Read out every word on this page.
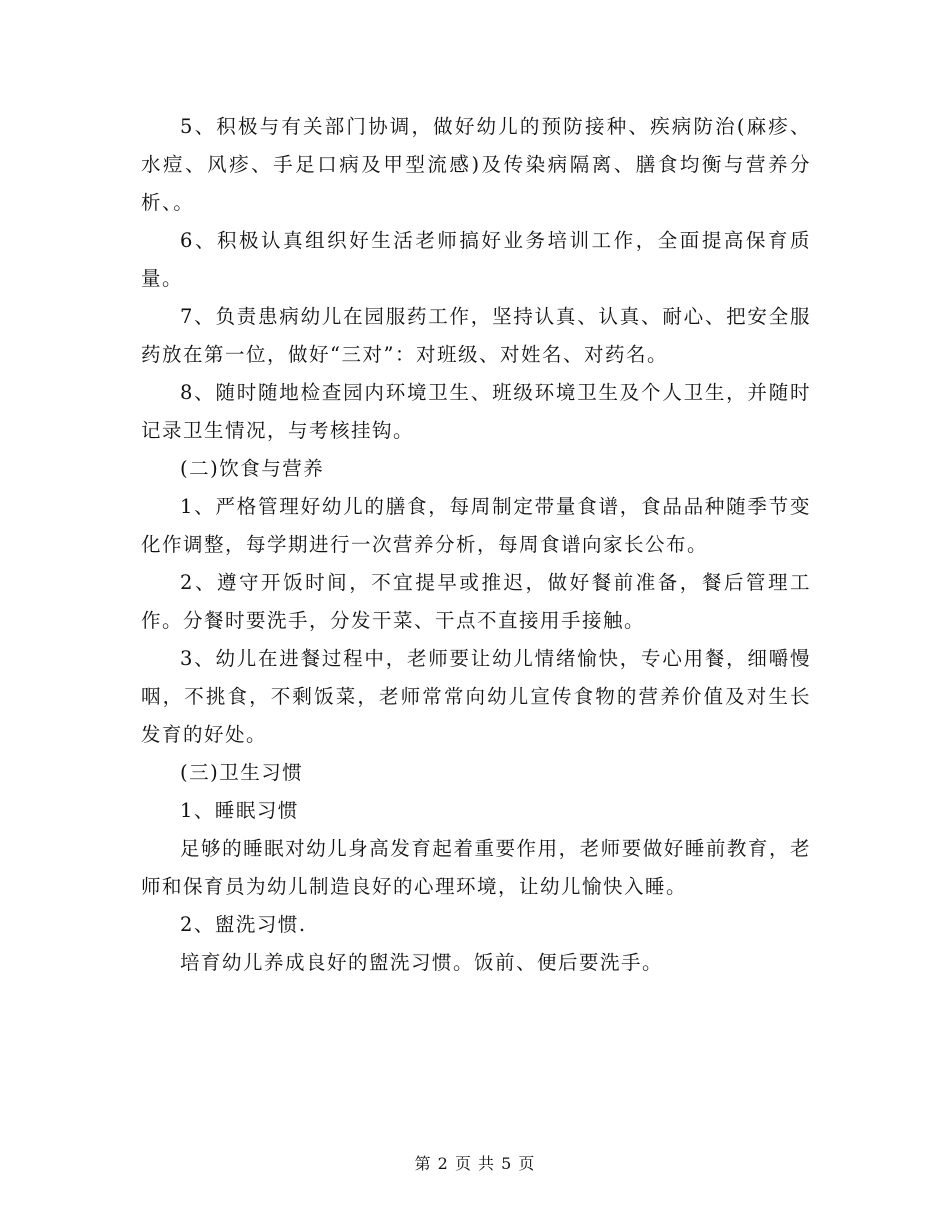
5、积极与有关部门协调，做好幼儿的预防接种、疾病防治(麻疹、水痘、风疹、手足口病及甲型流感)及传染病隔离、膳食均衡与营养分析、。

6、积极认真组织好生活老师搞好业务培训工作，全面提高保育质量。

7、负责患病幼儿在园服药工作，坚持认真、认真、耐心、把安全服药放在第一位，做好“三对”：对班级、对姓名、对药名。

8、随时随地检查园内环境卫生、班级环境卫生及个人卫生，并随时记录卫生情况，与考核挂钩。

(二)饮食与营养

1、严格管理好幼儿的膳食，每周制定带量食谱，食品品种随季节变化作调整，每学期进行一次营养分析，每周食谱向家长公布。

2、遵守开饭时间，不宜提早或推迟，做好餐前准备，餐后管理工作。分餐时要洗手，分发干菜、干点不直接用手接触。

3、幼儿在进餐过程中，老师要让幼儿情绪愉快，专心用餐，细嚼慢咽，不挑食，不剩饭菜，老师常常向幼儿宣传食物的营养价值及对生长发育的好处。

(三)卫生习惯

1、睡眠习惯

足够的睡眠对幼儿身高发育起着重要作用，老师要做好睡前教育，老师和保育员为幼儿制造良好的心理环境，让幼儿愉快入睡。

2、盥洗习惯.

培育幼儿养成良好的盥洗习惯。饭前、便后要洗手。

第 2 页 共 5 页
